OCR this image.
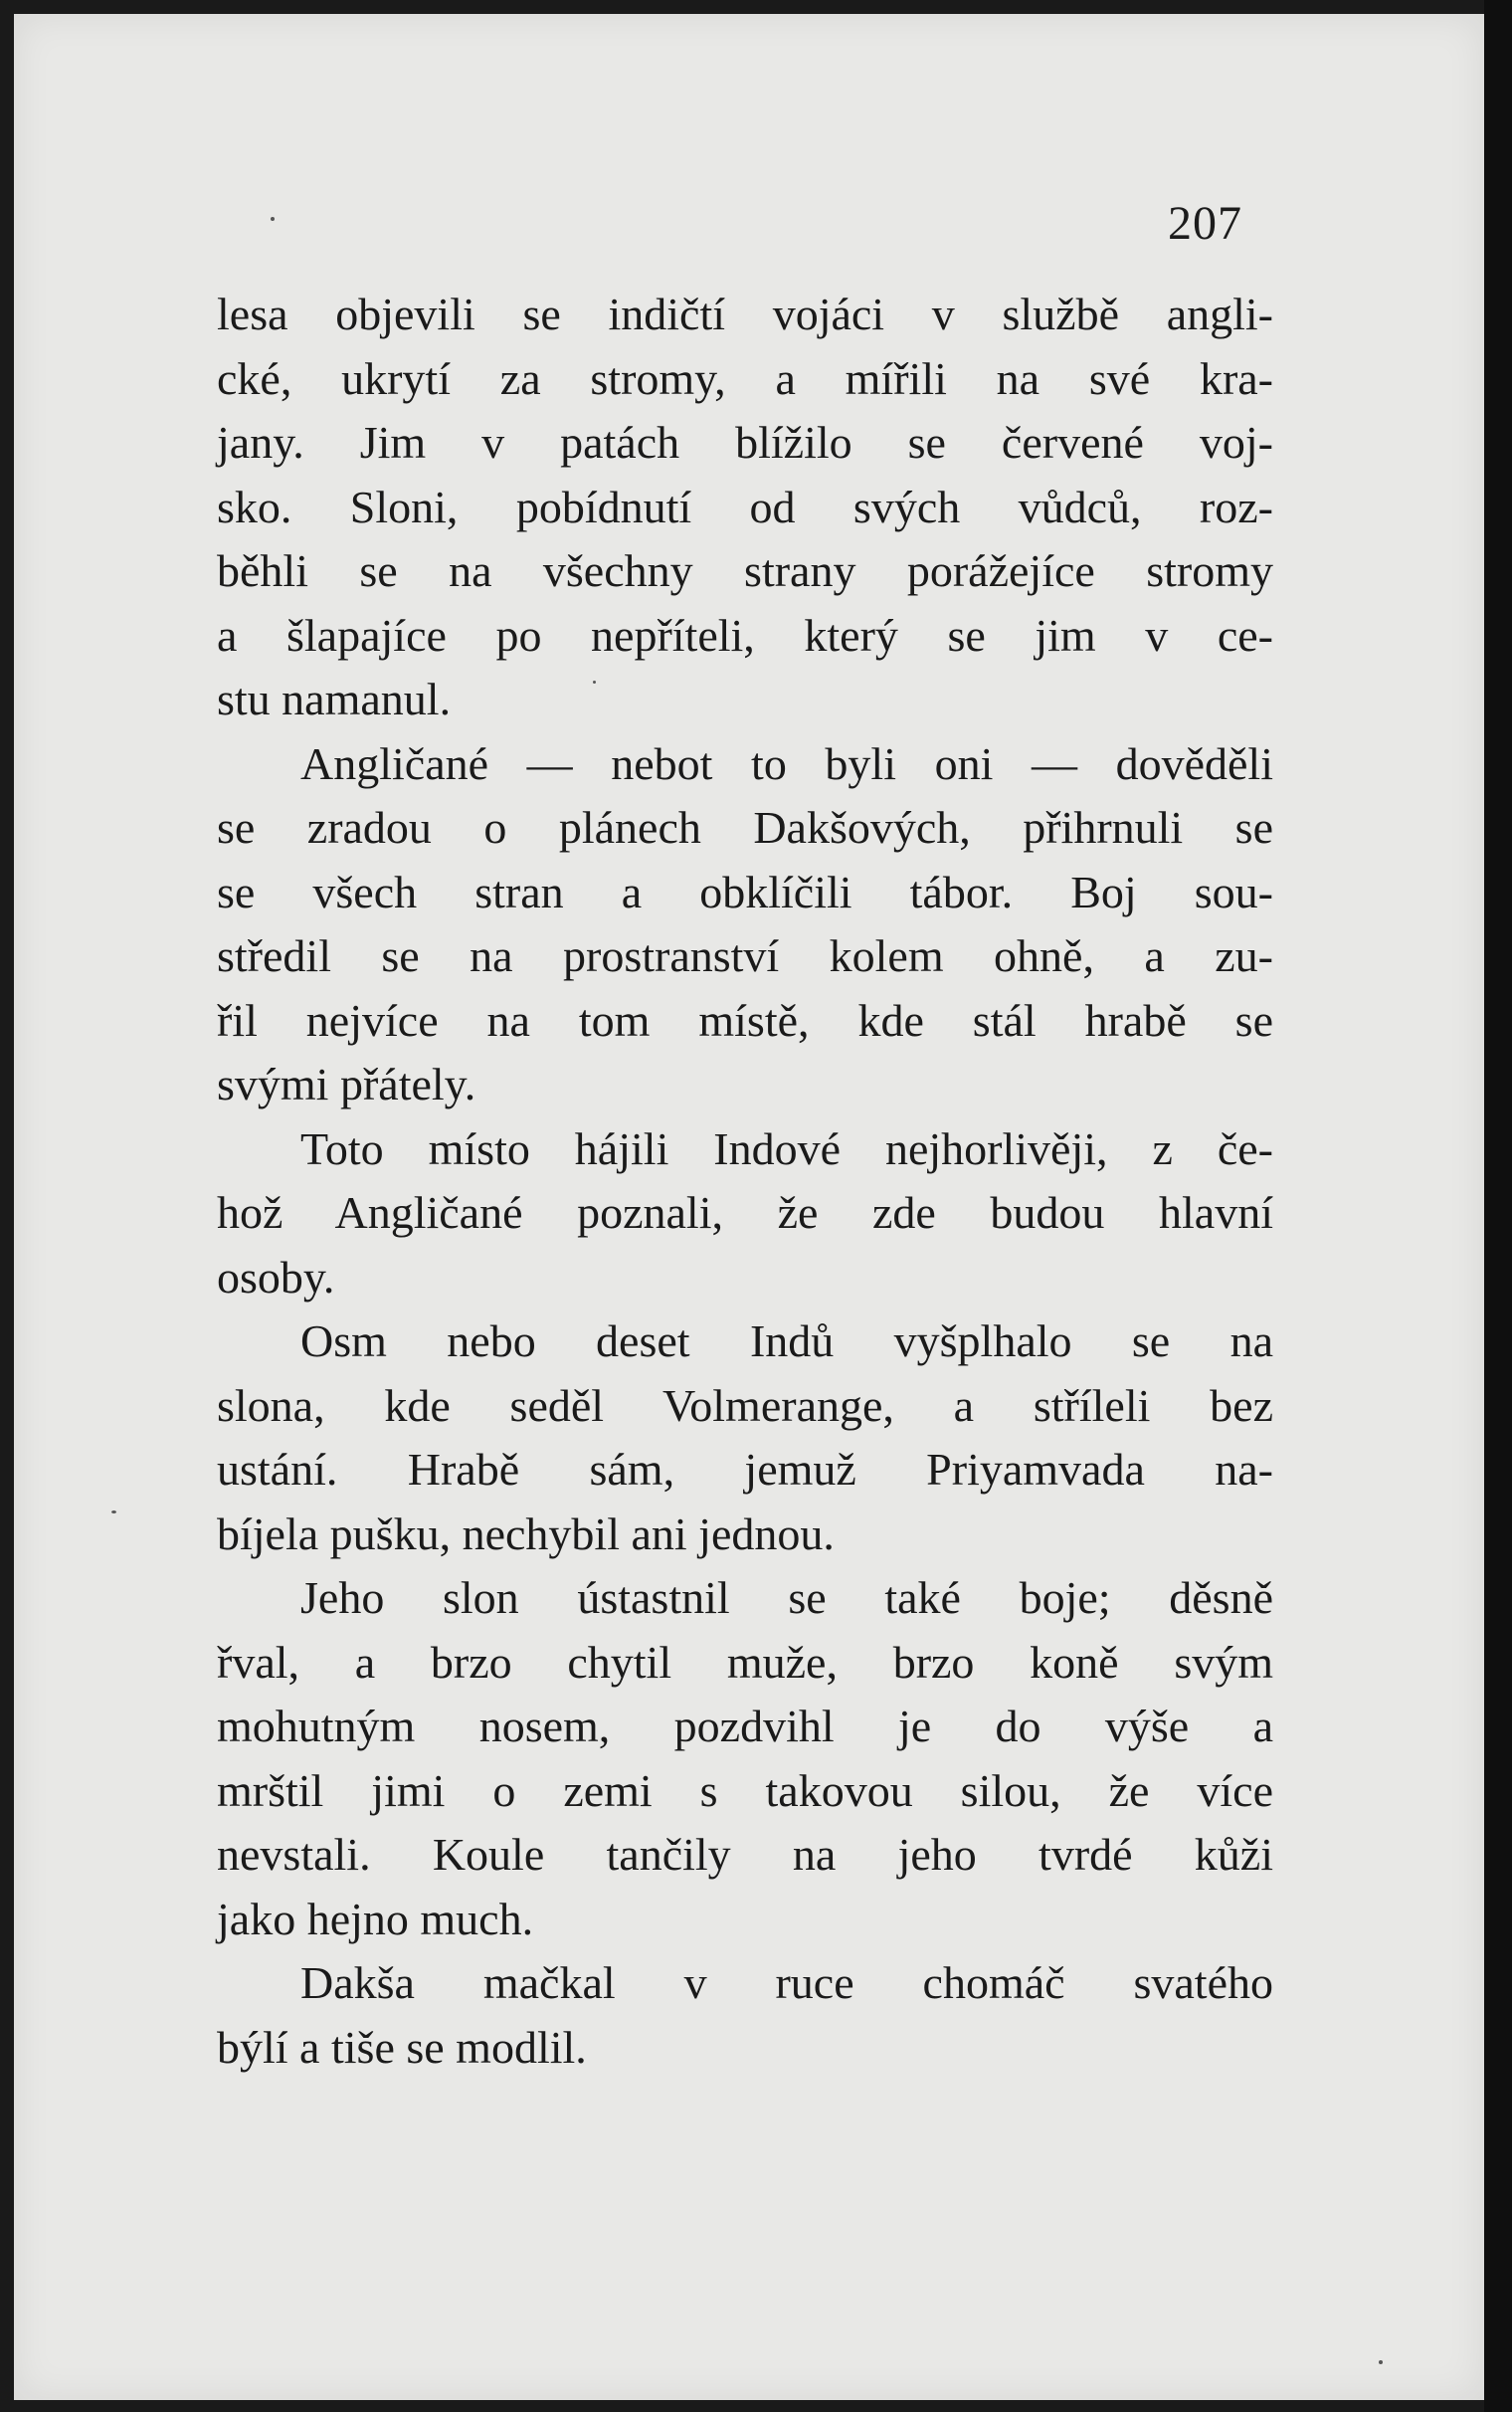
207
lesa objevili se indičtí vojáci v službě angli-
cké, ukrytí za stromy, a mířili na své kra-
jany. Jim v patách blížilo se červené voj-
sko. Sloni, pobídnutí od svých vůdců, roz-
běhli se na všechny strany porážejíce stromy
a šlapajíce po nepříteli, který se jim v ce-
stu namanul.
Angličané — nebot to byli oni — dověděli
se zradou o plánech Dakšových, přihrnuli se
se všech stran a obklíčili tábor. Boj sou-
středil se na prostranství kolem ohně, a zu-
řil nejvíce na tom místě, kde stál hrabě se
svými přátely.
Toto místo hájili Indové nejhorlivěji, z če-
hož Angličané poznali, že zde budou hlavní
osoby.
Osm nebo deset Indů vyšplhalo se na
slona, kde seděl Volmerange, a stříleli bez
ustání. Hrabě sám, jemuž Priyamvada na-
bíjela pušku, nechybil ani jednou.
Jeho slon ústastnil se také boje; děsně
řval, a brzo chytil muže, brzo koně svým
mohutným nosem, pozdvihl je do výše a
mrštil jimi o zemi s takovou silou, že více
nevstali. Koule tančily na jeho tvrdé kůži
jako hejno much.
Dakša mačkal v ruce chomáč svatého
býlí a tiše se modlil.
